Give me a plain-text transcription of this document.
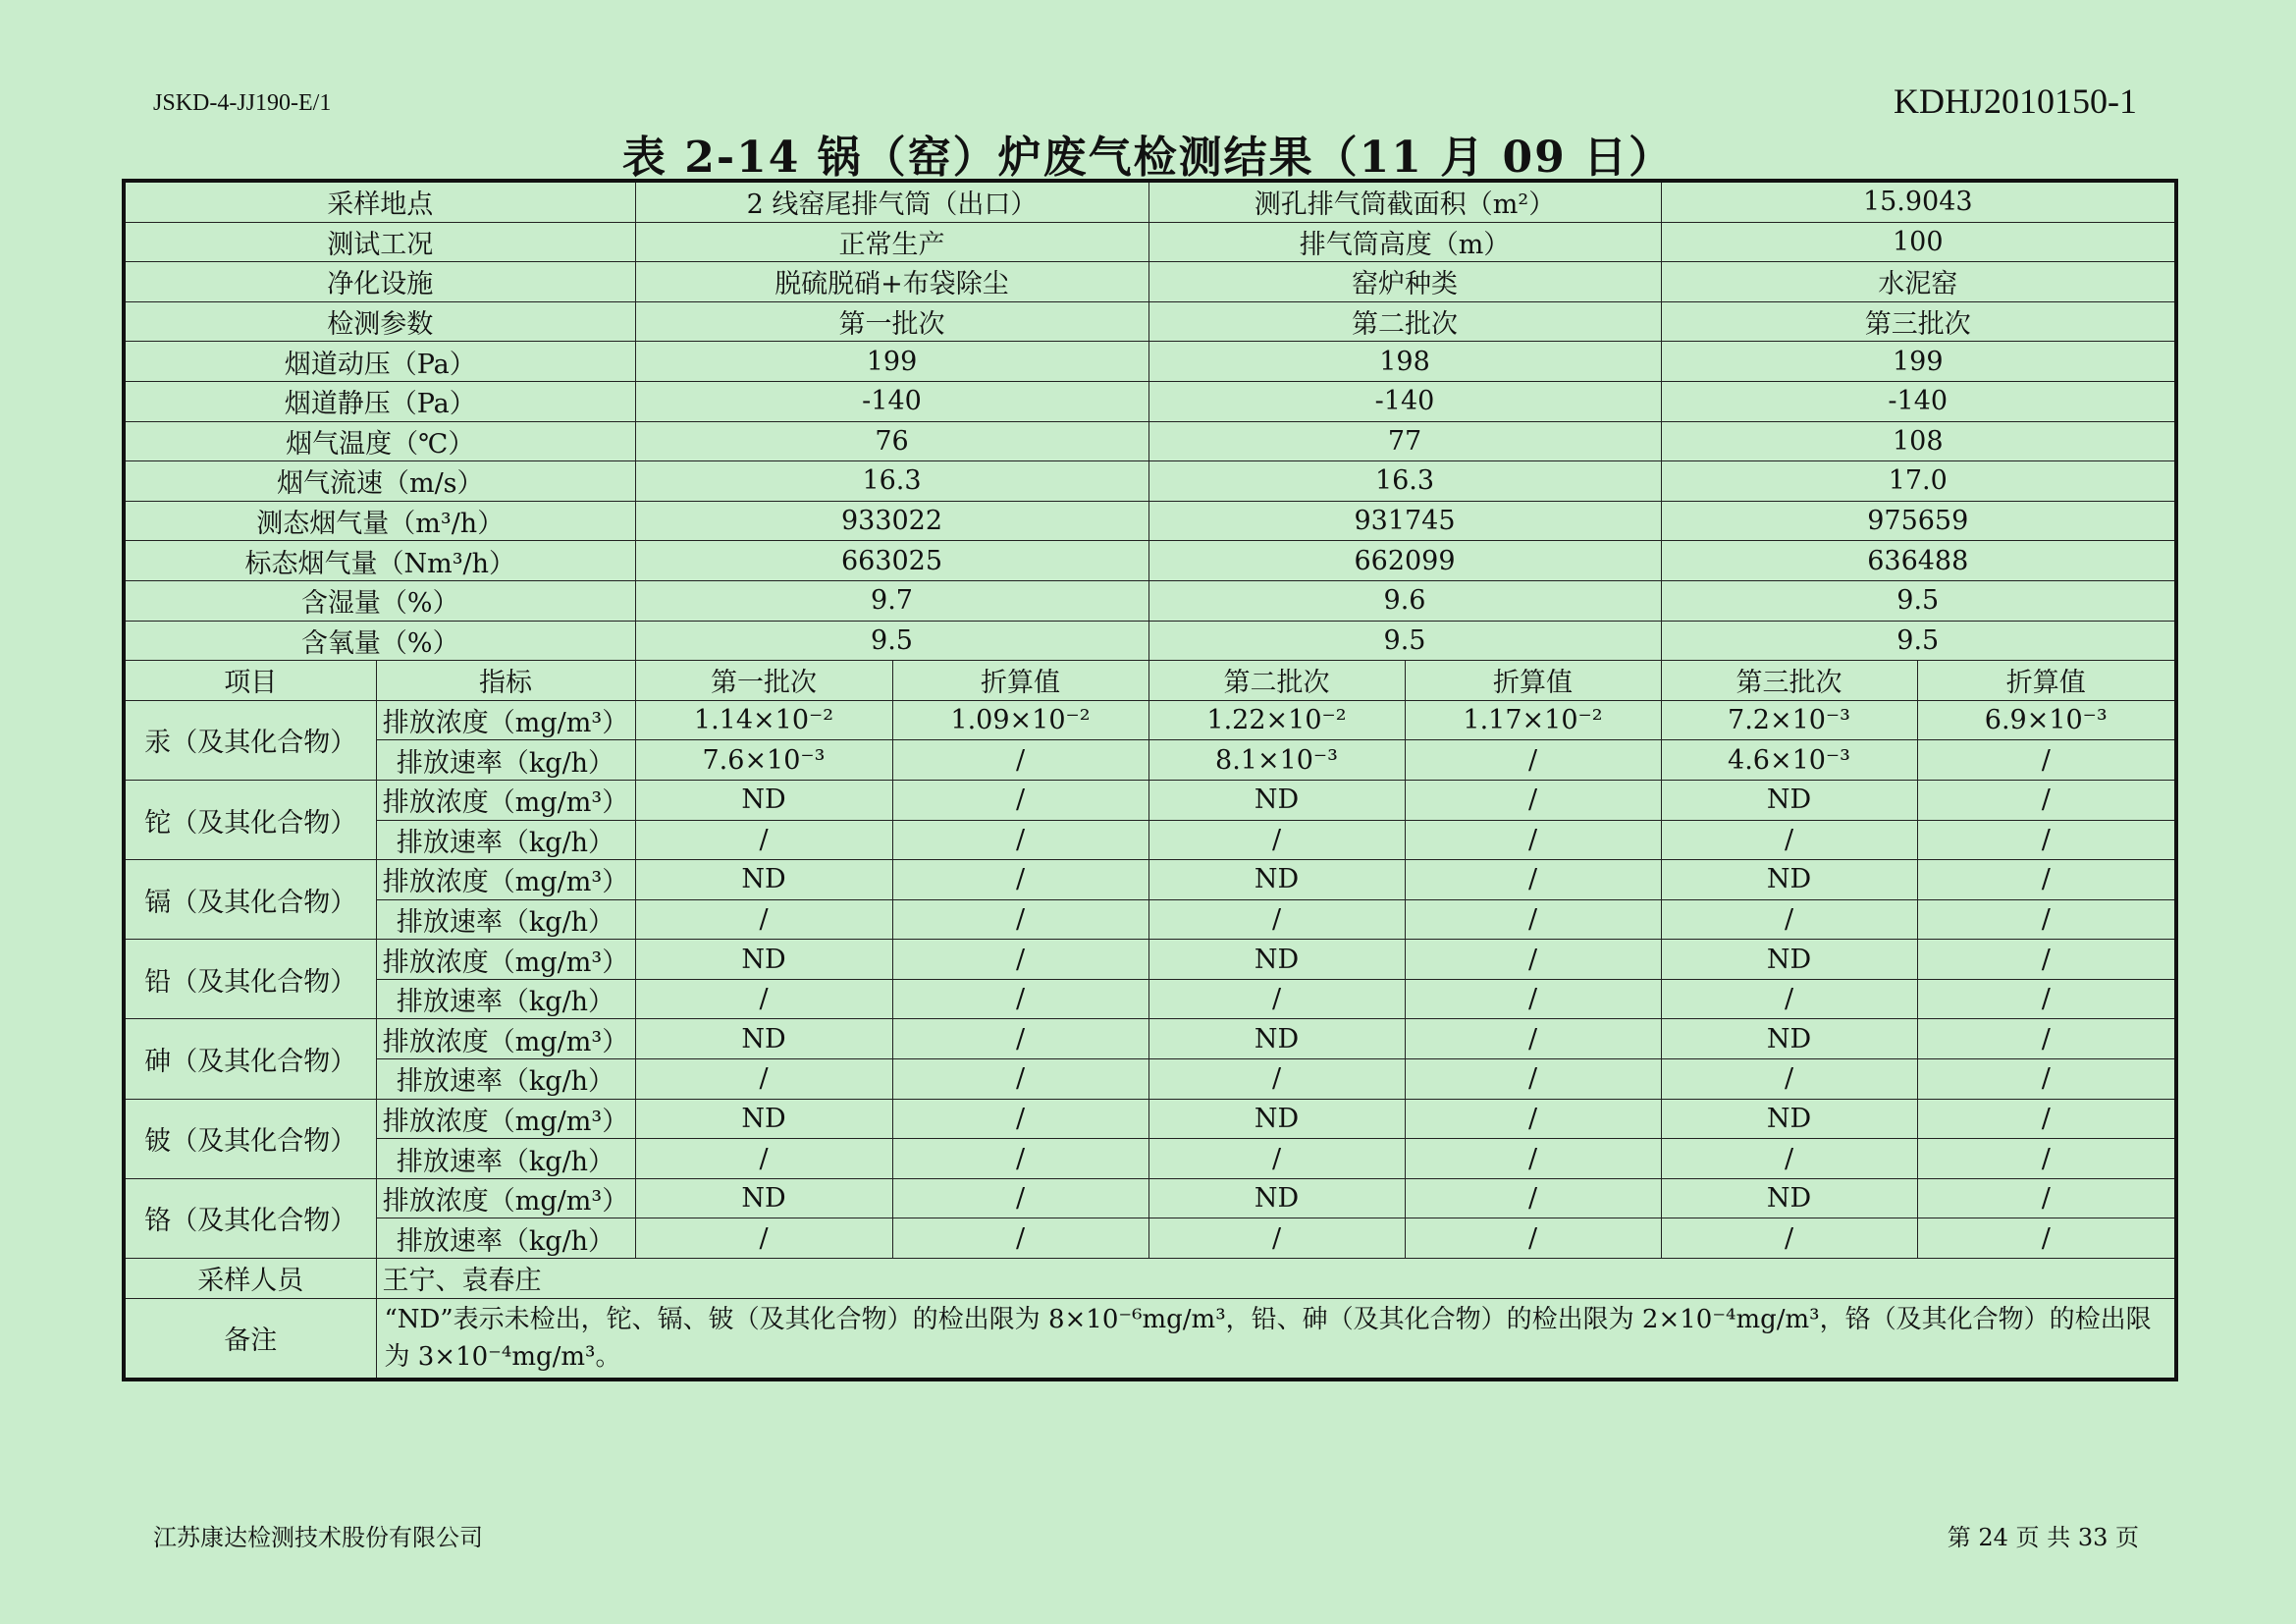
JSKD-4-JJ190-E/1	KDHJ2010150-1
表 2-14 锅（窑）炉废气检测结果（11 月 09 日）
采样地点		2 线窑尾排气筒（出口）		测孔排气筒截面积（m²）		15.9043	
测试工况		正常生产		排气筒高度（m）		100	
净化设施		脱硫脱硝+布袋除尘		窑炉种类		水泥窑	
检测参数		第一批次		第二批次		第三批次	
烟道动压（Pa）		199		198		199	
烟道静压（Pa）		-140		-140		-140	
烟气温度（℃）		76		77		108	
烟气流速（m/s）		16.3		16.3		17.0	
测态烟气量（m³/h）		933022		931745		975659	
标态烟气量（Nm³/h）		663025		662099		636488	
含湿量（%）		9.7		9.6		9.5	
含氧量（%）		9.5		9.5		9.5	
项目	指标	第一批次	折算值	第二批次	折算值	第三批次	折算值
汞（及其化合物）	排放浓度（mg/m³）	1.14×10⁻²	1.09×10⁻²	1.22×10⁻²	1.17×10⁻²	7.2×10⁻³	6.9×10⁻³
	排放速率（kg/h）	7.6×10⁻³	/	8.1×10⁻³	/	4.6×10⁻³	/
铊（及其化合物）	排放浓度（mg/m³）	ND	/	ND	/	ND	/
	排放速率（kg/h）	/	/	/	/	/	/
镉（及其化合物）	排放浓度（mg/m³）	ND	/	ND	/	ND	/
	排放速率（kg/h）	/	/	/	/	/	/
铅（及其化合物）	排放浓度（mg/m³）	ND	/	ND	/	ND	/
	排放速率（kg/h）	/	/	/	/	/	/
砷（及其化合物）	排放浓度（mg/m³）	ND	/	ND	/	ND	/
	排放速率（kg/h）	/	/	/	/	/	/
铍（及其化合物）	排放浓度（mg/m³）	ND	/	ND	/	ND	/
	排放速率（kg/h）	/	/	/	/	/	/
铬（及其化合物）	排放浓度（mg/m³）	ND	/	ND	/	ND	/
	排放速率（kg/h）	/	/	/	/	/	/
采样人员	王宁、袁春庄						
备注	“ND”表示未检出，铊、镉、铍（及其化合物）的检出限为 8×10⁻⁶mg/m³，铅、砷（及其化合物）的检出限为 2×10⁻⁴mg/m³，铬（及其化合物）的检出限为 3×10⁻⁴mg/m³。						
江苏康达检测技术股份有限公司	第 24 页 共 33 页
